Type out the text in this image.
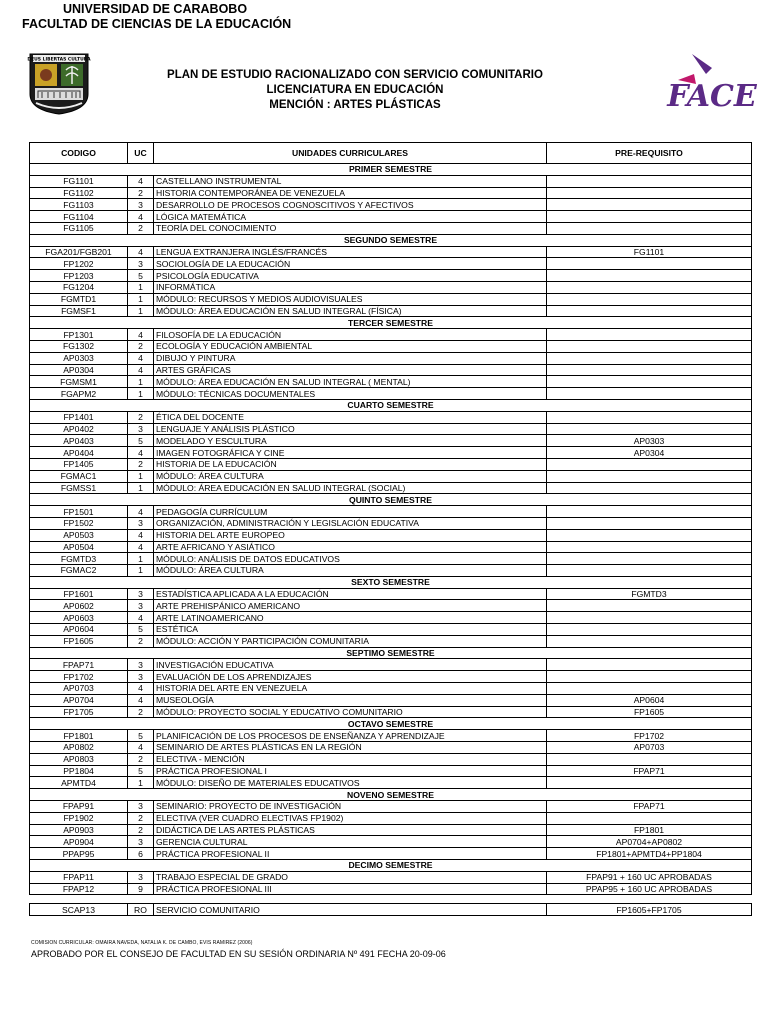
UNIVERSIDAD DE CARABOBO
FACULTAD DE CIENCIAS DE LA EDUCACIÓN
DEUS LIBERTAS CULTURA
FACE
PLAN DE ESTUDIO RACIONALIZADO CON SERVICIO COMUNITARIO
LICENCIATURA EN EDUCACIÓN
MENCIÓN : ARTES PLÁSTICAS
CODIGO	UC	UNIDADES CURRICULARES	PRE-REQUISITO
PRIMER SEMESTRE			
FG1101	4	CASTELLANO INSTRUMENTAL	
FG1102	2	HISTORIA CONTEMPORÁNEA DE VENEZUELA	
FG1103	3	DESARROLLO DE PROCESOS COGNOSCITIVOS Y AFECTIVOS	
FG1104	4	LÓGICA MATEMÁTICA	
FG1105	2	TEORÍA DEL CONOCIMIENTO	
SEGUNDO SEMESTRE			
FGA201/FGB201	4	LENGUA EXTRANJERA INGLÉS/FRANCÉS	FG1101
FP1202	3	SOCIOLOGÍA DE LA EDUCACIÓN	
FP1203	5	PSICOLOGÍA EDUCATIVA	
FG1204	1	INFORMÁTICA	
FGMTD1	1	MÓDULO: RECURSOS Y MEDIOS AUDIOVISUALES	
FGMSF1	1	MÓDULO: ÁREA EDUCACIÓN EN SALUD INTEGRAL (FÍSICA)	
TERCER SEMESTRE			
FP1301	4	FILOSOFÍA DE LA EDUCACIÓN	
FG1302	2	ECOLOGÍA Y EDUCACIÓN AMBIENTAL	
AP0303	4	DIBUJO Y PINTURA	
AP0304	4	ARTES GRÁFICAS	
FGMSM1	1	MÓDULO: ÁREA EDUCACIÓN EN SALUD INTEGRAL ( MENTAL)	
FGAPM2	1	MÓDULO: TÉCNICAS DOCUMENTALES	
CUARTO SEMESTRE			
FP1401	2	ÉTICA DEL DOCENTE	
AP0402	3	LENGUAJE Y ANÁLISIS PLÁSTICO	
AP0403	5	MODELADO Y ESCULTURA	AP0303
AP0404	4	IMAGEN FOTOGRÁFICA Y CINE	AP0304
FP1405	2	HISTORIA DE LA EDUCACIÓN	
FGMAC1	1	MÓDULO: ÁREA CULTURA	
FGMSS1	1	MÓDULO: ÁREA EDUCACIÓN EN SALUD INTEGRAL (SOCIAL)	
QUINTO SEMESTRE			
FP1501	4	PEDAGOGÍA CURRÍCULUM	
FP1502	3	ORGANIZACIÓN, ADMINISTRACIÓN Y LEGISLACIÓN EDUCATIVA	
AP0503	4	HISTORIA DEL ARTE EUROPEO	
AP0504	4	ARTE AFRICANO Y ASIÁTICO	
FGMTD3	1	MÓDULO: ANÁLISIS DE DATOS EDUCATIVOS	
FGMAC2	1	MÓDULO: ÁREA CULTURA	
SEXTO SEMESTRE			
FP1601	3	ESTADÍSTICA APLICADA A LA EDUCACIÓN	FGMTD3
AP0602	3	ARTE PREHISPÁNICO AMERICANO	
AP0603	4	ARTE LATINOAMERICANO	
AP0604	5	ESTÉTICA	
FP1605	2	MÓDULO: ACCIÓN Y PARTICIPACIÓN COMUNITARIA	
SEPTIMO SEMESTRE			
FPAP71	3	INVESTIGACIÓN EDUCATIVA	
FP1702	3	EVALUACIÓN DE LOS APRENDIZAJES	
AP0703	4	HISTORIA DEL ARTE EN VENEZUELA	
AP0704	4	MUSEOLOGÍA	AP0604
FP1705	2	MÓDULO: PROYECTO SOCIAL Y EDUCATIVO COMUNITARIO	FP1605
OCTAVO SEMESTRE			
FP1801	5	PLANIFICACIÓN DE LOS PROCESOS DE ENSEÑANZA Y APRENDIZAJE	FP1702
AP0802	4	SEMINARIO DE ARTES PLÁSTICAS EN LA REGIÓN	AP0703
AP0803	2	ELECTIVA - MENCIÓN	
PP1804	5	PRÁCTICA PROFESIONAL I	FPAP71
APMTD4	1	MÓDULO: DISEÑO DE MATERIALES EDUCATIVOS	
NOVENO SEMESTRE			
FPAP91	3	SEMINARIO: PROYECTO DE INVESTIGACIÓN	FPAP71
FP1902	2	ELECTIVA (VER CUADRO ELECTIVAS FP1902)	
AP0903	2	DIDÁCTICA DE LAS ARTES PLÁSTICAS	FP1801
AP0904	3	GERENCIA CULTURAL	AP0704+AP0802
PPAP95	6	PRÁCTICA PROFESIONAL II	FP1801+APMTD4+PP1804
DECIMO SEMESTRE			
FPAP11	3	TRABAJO ESPECIAL DE GRADO	FPAP91 + 160 UC APROBADAS
FPAP12	9	PRÁCTICA PROFESIONAL III	PPAP95 + 160 UC APROBADAS

SCAP13	RO	SERVICIO COMUNITARIO	FP1605+FP1705
COMISION CURRICULAR: OMAIRA NAVEDA, NATALIA K. DE CAMBO, EVIS RAMIREZ (2006)
APROBADO POR EL CONSEJO DE FACULTAD EN SU SESIÓN ORDINARIA Nº 491 FECHA 20-09-06
